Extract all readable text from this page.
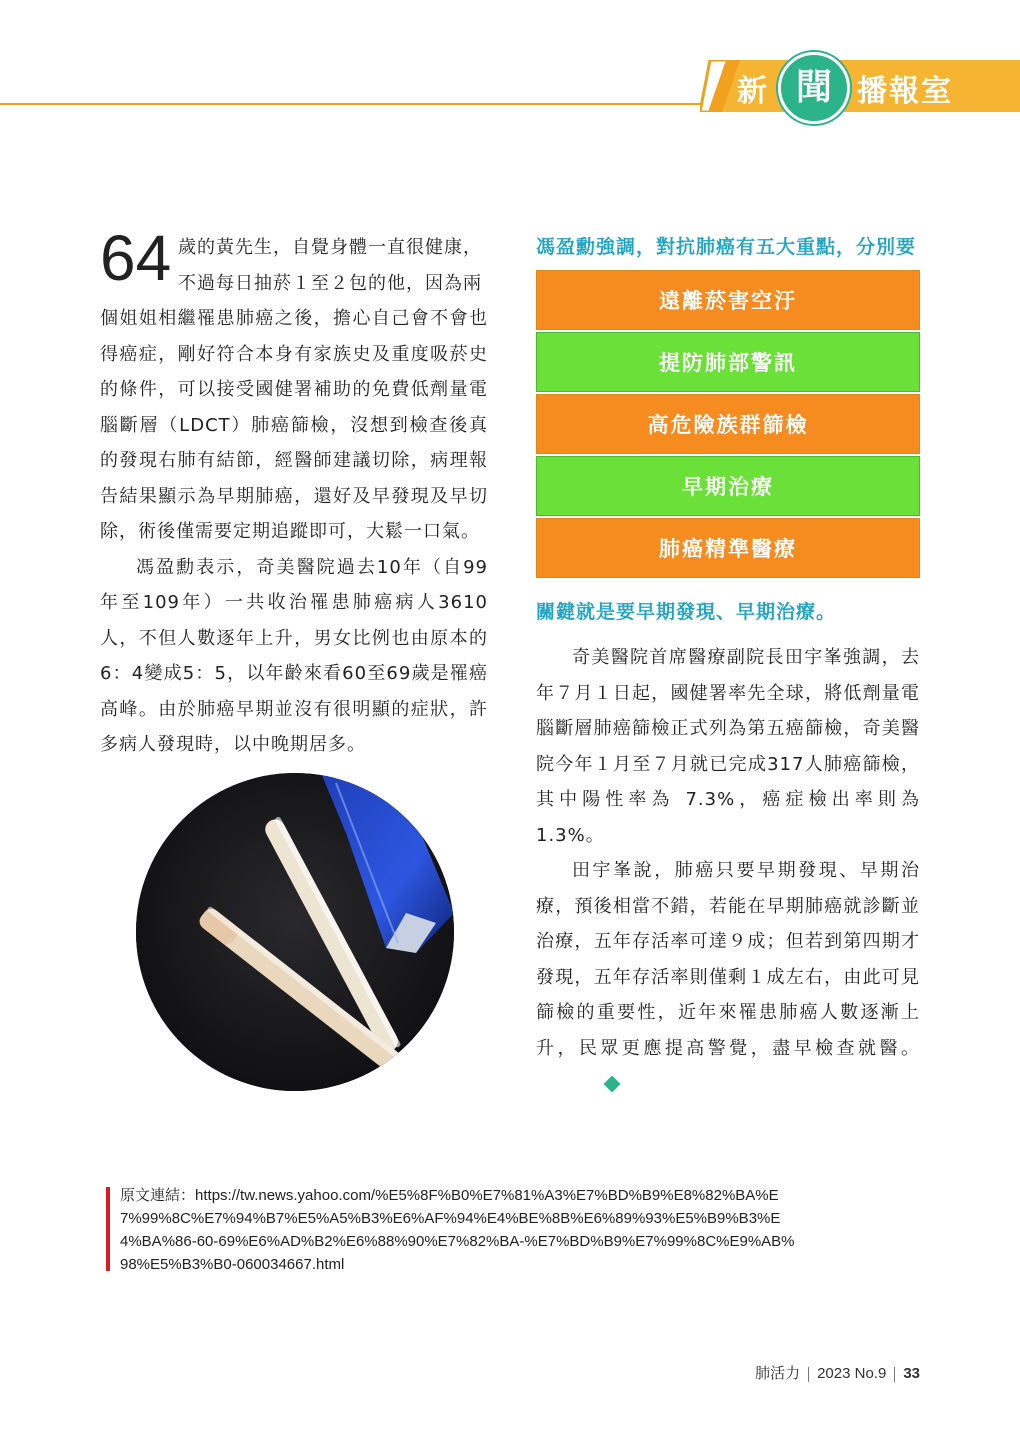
新 聞 播報室
64 歲的黃先生，自覺身體一直很健康，
不過每日抽菸１至２包的他，因為兩
個姐姐相繼罹患肺癌之後，擔心自己會不會也得癌症，剛好符合本身有家族史及重度吸菸史的條件，可以接受國健署補助的免費低劑量電腦斷層（LDCT）肺癌篩檢，沒想到檢查後真的發現右肺有結節，經醫師建議切除，病理報告結果顯示為早期肺癌，還好及早發現及早切除，術後僅需要定期追蹤即可，大鬆一口氣。

馮盈勳表示，奇美醫院過去10年（自99年至109年）一共收治罹患肺癌病人3610人，不但人數逐年上升，男女比例也由原本的6：4變成5：5，以年齡來看60至69歲是罹癌高峰。由於肺癌早期並沒有很明顯的症狀，許多病人發現時，以中晚期居多。

馮盈勳強調，對抗肺癌有五大重點，分別要
遠離菸害空汙
提防肺部警訊
高危險族群篩檢
早期治療
肺癌精準醫療
關鍵就是要早期發現、早期治療。

奇美醫院首席醫療副院長田宇峯強調，去年７月１日起，國健署率先全球，將低劑量電腦斷層肺癌篩檢正式列為第五癌篩檢，奇美醫院今年１月至７月就已完成317人肺癌篩檢，其中陽性率為 7.3%，癌症檢出率則為 1.3%。

田宇峯說，肺癌只要早期發現、早期治療，預後相當不錯，若能在早期肺癌就診斷並治療，五年存活率可達９成；但若到第四期才發現，五年存活率則僅剩１成左右，由此可見篩檢的重要性，近年來罹患肺癌人數逐漸上升，民眾更應提高警覺，盡早檢查就醫。

原文連結：https://tw.news.yahoo.com/%E5%8F%B0%E7%81%A3%E7%BD%B9%E8%82%BA%E7%99%8C%E7%94%B7%E5%A5%B3%E6%AF%94%E4%BE%8B%E6%89%93%E5%B9%B3%E4%BA%86-60-69%E6%AD%B2%E6%88%90%E7%82%BA-%E7%BD%B9%E7%99%8C%E9%AB%98%E5%B3%B0-060034667.html
肺活力 2023 No.9 33
